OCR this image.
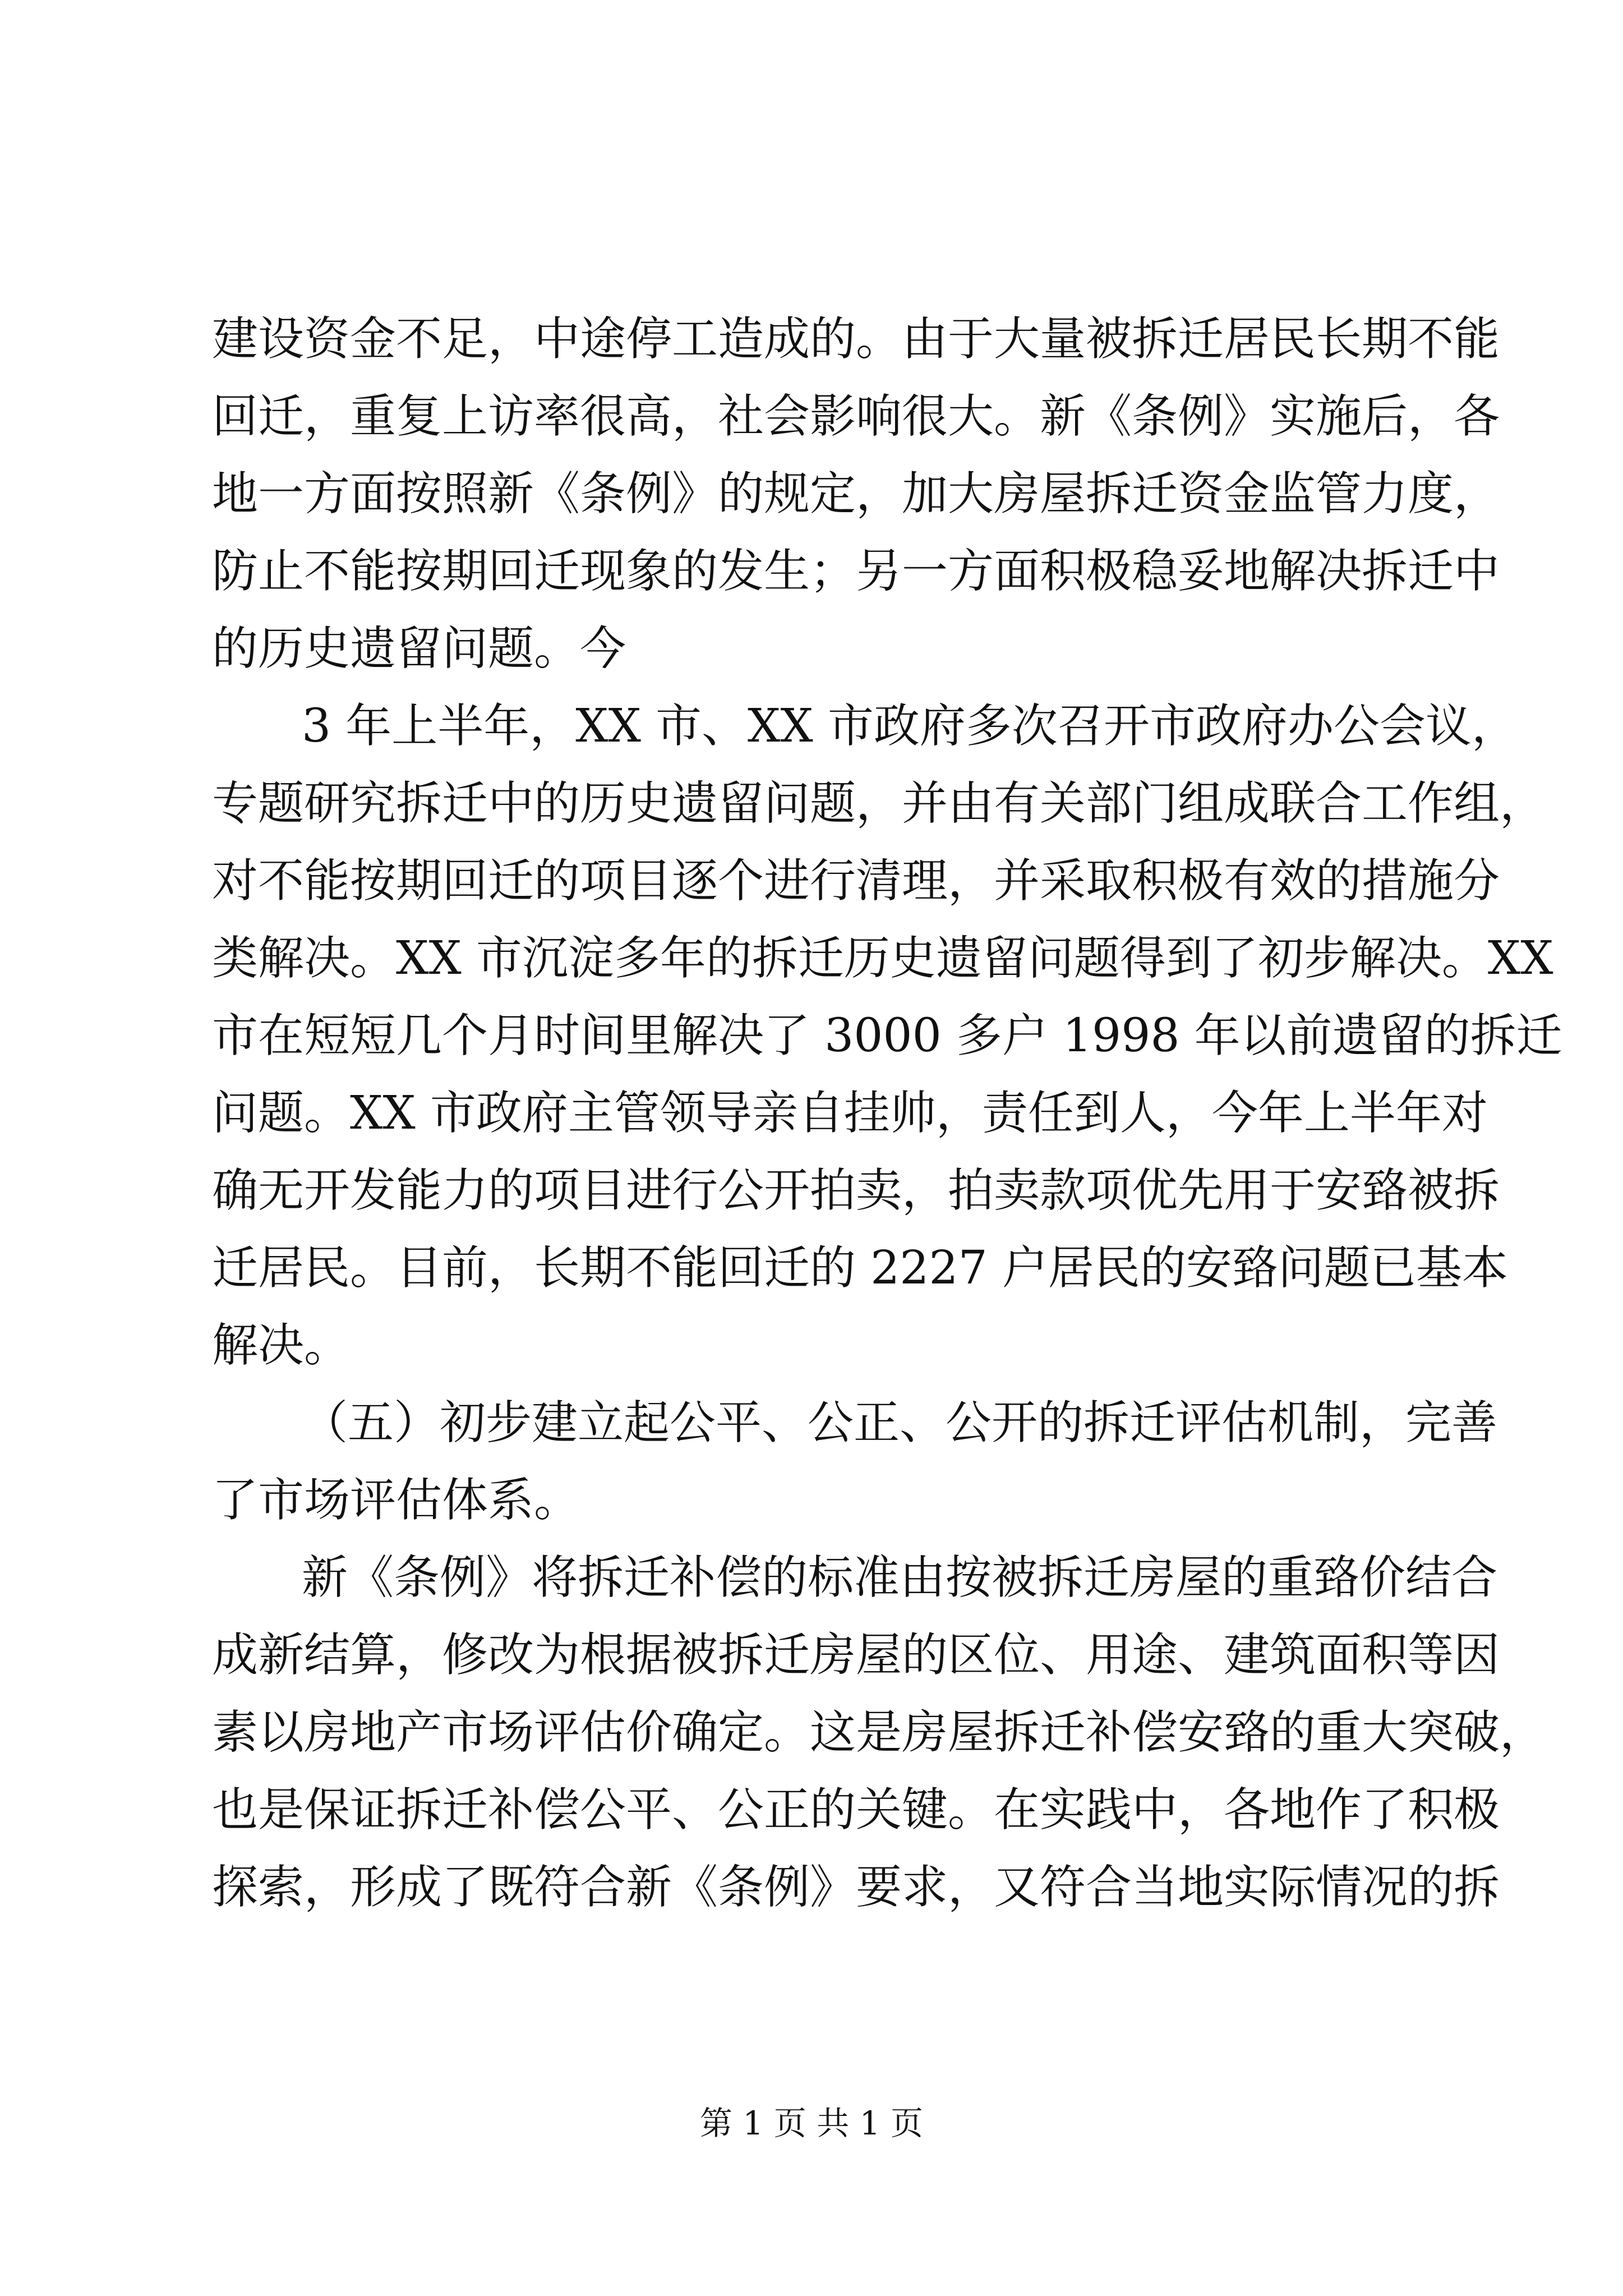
建设资金不足，中途停工造成的。由于大量被拆迁居民长期不能
回迁，重复上访率很高，社会影响很大。新《条例》实施后，各
地一方面按照新《条例》的规定，加大房屋拆迁资金监管力度，
防止不能按期回迁现象的发生；另一方面积极稳妥地解决拆迁中
的历史遗留问题。今
3 年上半年，XX 市、XX 市政府多次召开市政府办公会议，
专题研究拆迁中的历史遗留问题，并由有关部门组成联合工作组，
对不能按期回迁的项目逐个进行清理，并采取积极有效的措施分
类解决。XX 市沉淀多年的拆迁历史遗留问题得到了初步解决。XX
市在短短几个月时间里解决了 3000 多户 1998 年以前遗留的拆迁
问题。XX 市政府主管领导亲自挂帅，责任到人，今年上半年对
确无开发能力的项目进行公开拍卖，拍卖款项优先用于安臵被拆
迁居民。目前，长期不能回迁的 2227 户居民的安臵问题已基本
解决。
（五）初步建立起公平、公正、公开的拆迁评估机制，完善
了市场评估体系。
新《条例》将拆迁补偿的标准由按被拆迁房屋的重臵价结合
成新结算，修改为根据被拆迁房屋的区位、用途、建筑面积等因
素以房地产市场评估价确定。这是房屋拆迁补偿安臵的重大突破，
也是保证拆迁补偿公平、公正的关键。在实践中，各地作了积极
探索，形成了既符合新《条例》要求，又符合当地实际情况的拆
第 1 页 共 1 页
